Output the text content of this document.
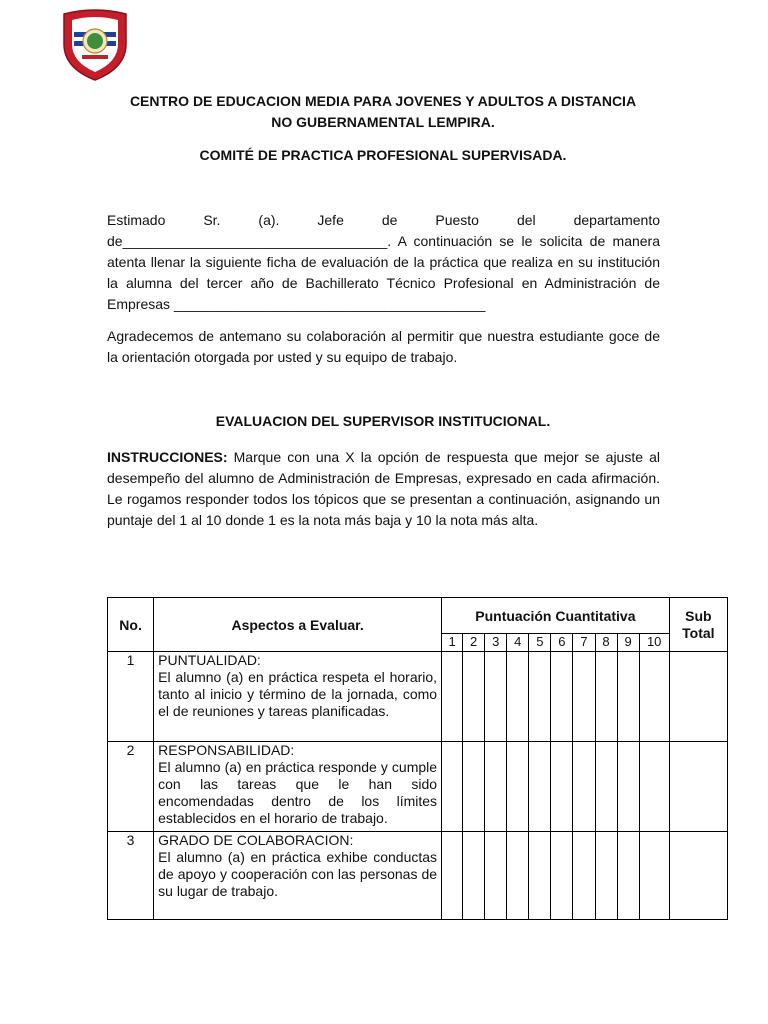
CENTRO DE EDUCACION MEDIA PARA JOVENES Y ADULTOS A DISTANCIA
NO GUBERNAMENTAL LEMPIRA.
COMITÉ DE PRACTICA PROFESIONAL SUPERVISADA.
Estimado Sr. (a). Jefe de Puesto del departamento de__________________________________. A continuación se le solicita de manera atenta llenar la siguiente ficha de evaluación de la práctica que realiza en su institución la alumna del tercer año de Bachillerato Técnico Profesional en Administración de Empresas ________________________________________
Agradecemos de antemano su colaboración al permitir que nuestra estudiante goce de la orientación otorgada por usted y su equipo de trabajo.
EVALUACION DEL SUPERVISOR INSTITUCIONAL.
INSTRUCCIONES: Marque con una X la opción de respuesta que mejor se ajuste al desempeño del alumno de Administración de Empresas, expresado en cada afirmación. Le rogamos responder todos los tópicos que se presentan a continuación, asignando un puntaje del 1 al 10 donde 1 es la nota más baja y 10 la nota más alta.
No.	Aspectos a Evaluar.	Puntuación Cuantitativa										Sub
Total

		1	2	3	4	5	6	7	8	9	10	
1	PUNTUALIDAD:
El alumno (a) en práctica respeta el horario, tanto al inicio y término de la jornada, como el de reuniones y tareas planificadas.											

2	RESPONSABILIDAD:
El alumno (a) en práctica responde y cumple con las tareas que le han sido encomendadas dentro de los límites establecidos en el horario de trabajo.											

3	GRADO DE COLABORACION:
El alumno (a) en práctica exhibe conductas de apoyo y cooperación con las personas de su lugar de trabajo.											
